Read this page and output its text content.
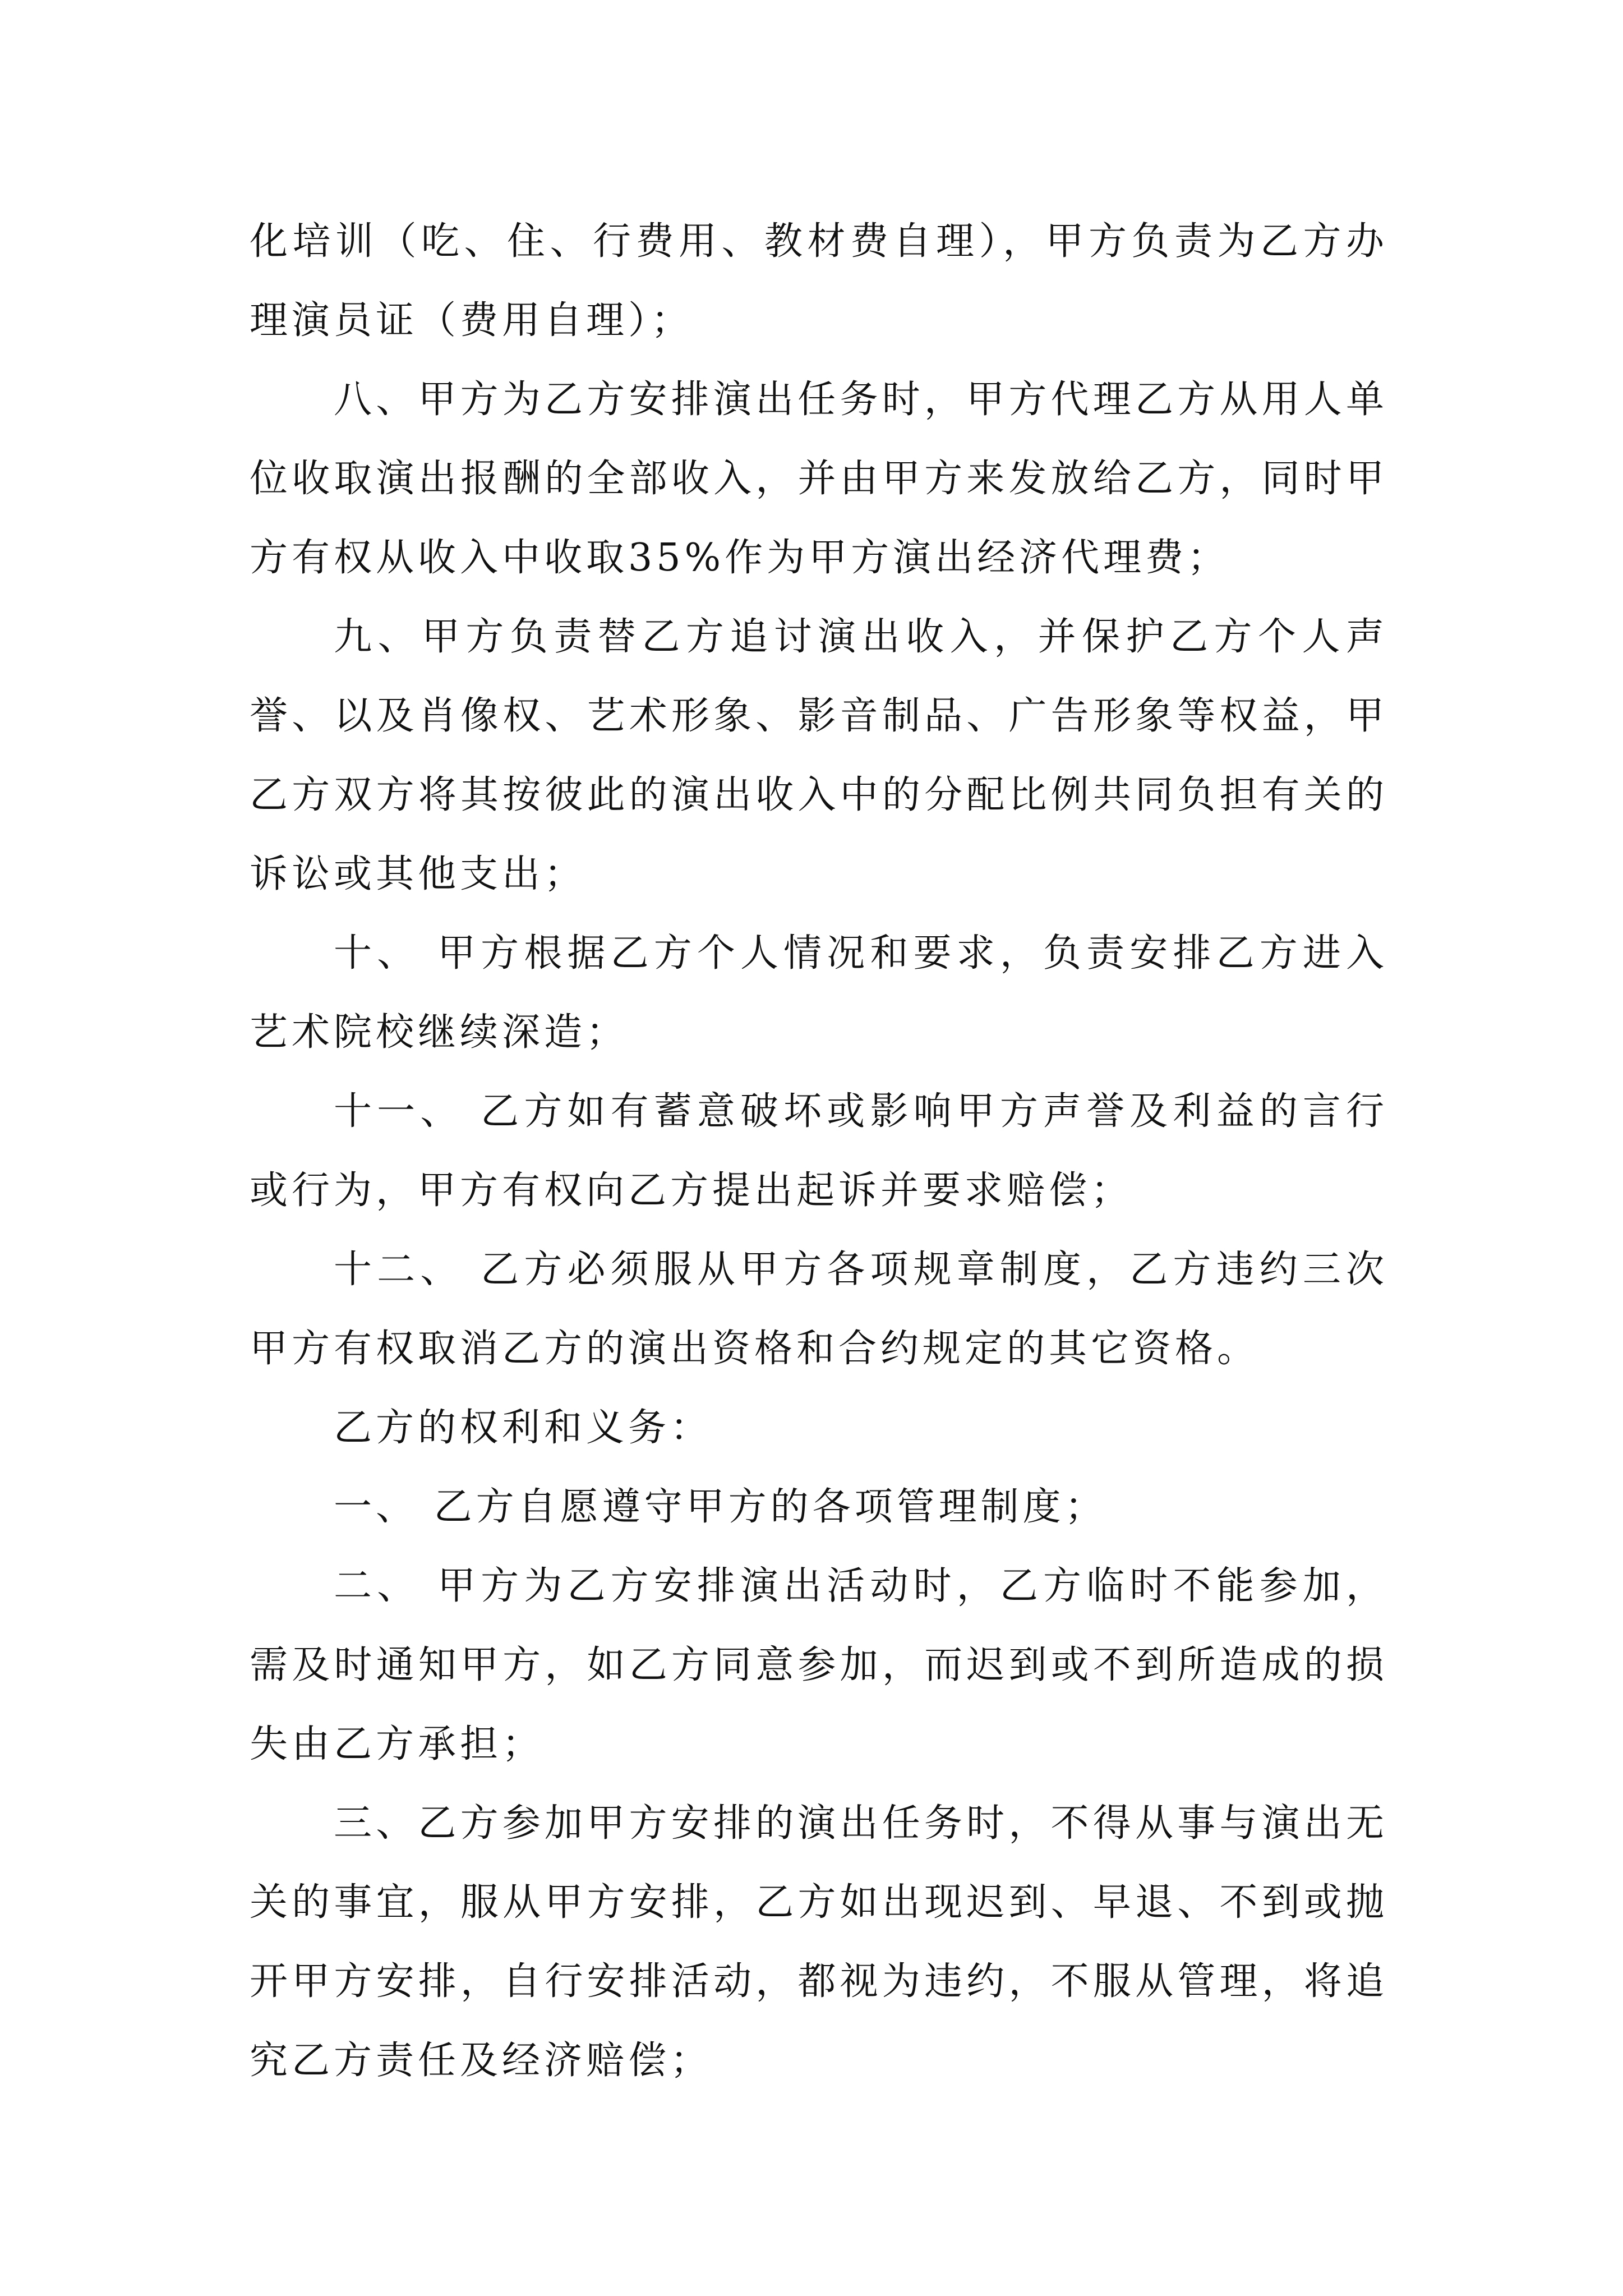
化培训（吃、住、行费用、教材费自理），甲方负责为乙方办理演员证（费用自理）；

八、甲方为乙方安排演出任务时，甲方代理乙方从用人单位收取演出报酬的全部收入，并由甲方来发放给乙方，同时甲方有权从收入中收取35%作为甲方演出经济代理费；

九、甲方负责替乙方追讨演出收入，并保护乙方个人声誉、以及肖像权、艺术形象、影音制品、广告形象等权益，甲乙方双方将其按彼此的演出收入中的分配比例共同负担有关的诉讼或其他支出；

十、 甲方根据乙方个人情况和要求，负责安排乙方进入艺术院校继续深造；

十一、 乙方如有蓄意破坏或影响甲方声誉及利益的言行或行为，甲方有权向乙方提出起诉并要求赔偿；

十二、 乙方必须服从甲方各项规章制度，乙方违约三次甲方有权取消乙方的演出资格和合约规定的其它资格。

乙方的权利和义务：

一、 乙方自愿遵守甲方的各项管理制度；

二、 甲方为乙方安排演出活动时，乙方临时不能参加，需及时通知甲方，如乙方同意参加，而迟到或不到所造成的损失由乙方承担；

三、乙方参加甲方安排的演出任务时，不得从事与演出无关的事宜，服从甲方安排，乙方如出现迟到、早退、不到或抛开甲方安排，自行安排活动，都视为违约，不服从管理，将追究乙方责任及经济赔偿；
